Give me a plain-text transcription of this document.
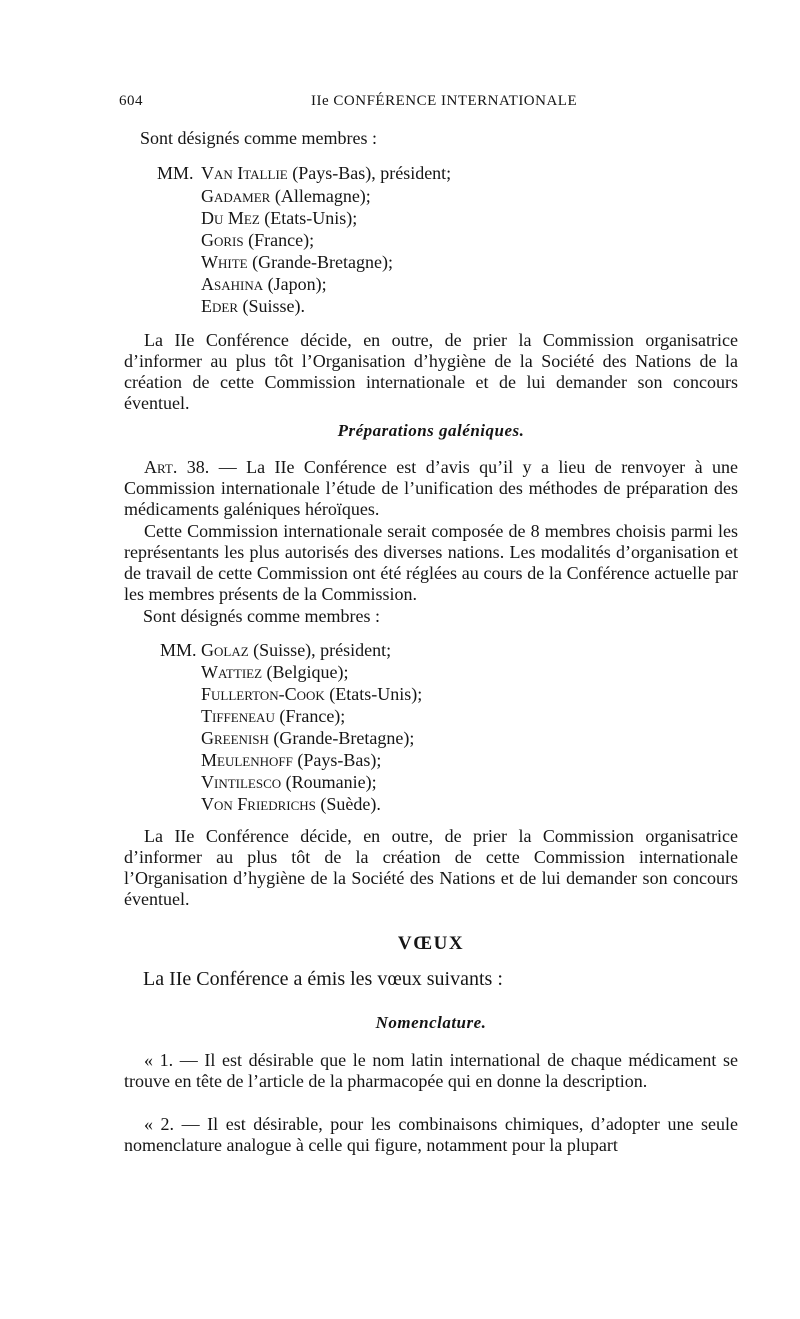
604	IIe CONFÉRENCE INTERNATIONALE
Sont désignés comme membres :
MM. Van Itallie (Pays-Bas), président;
Gadamer (Allemagne);
Du Mez (Etats-Unis);
Goris (France);
White (Grande-Bretagne);
Asahina (Japon);
Eder (Suisse).
La IIe Conférence décide, en outre, de prier la Commission organisatrice d’informer au plus tôt l’Organisation d’hygiène de la Société des Nations de la création de cette Commission internationale et de lui demander son concours éventuel.
Préparations galéniques.
Art. 38. — La IIe Conférence est d’avis qu’il y a lieu de renvoyer à une Commission internationale l’étude de l’unification des méthodes de préparation des médicaments galéniques héroïques.
Cette Commission internationale serait composée de 8 membres choisis parmi les représentants les plus autorisés des diverses nations. Les modalités d’organisation et de travail de cette Commission ont été réglées au cours de la Conférence actuelle par les membres présents de la Commission.
Sont désignés comme membres :
MM. Golaz (Suisse), président;
Wattiez (Belgique);
Fullerton-Cook (Etats-Unis);
Tiffeneau (France);
Greenish (Grande-Bretagne);
Meulenhoff (Pays-Bas);
Vintilesco (Roumanie);
Von Friedrichs (Suède).
La IIe Conférence décide, en outre, de prier la Commission organisatrice d’informer au plus tôt de la création de cette Commission internationale l’Organisation d’hygiène de la Société des Nations et de lui demander son concours éventuel.
VŒUX
La IIe Conférence a émis les vœux suivants :
Nomenclature.
« 1. — Il est désirable que le nom latin international de chaque médicament se trouve en tête de l’article de la pharmacopée qui en donne la description.
« 2. — Il est désirable, pour les combinaisons chimiques, d’adopter une seule nomenclature analogue à celle qui figure, notamment pour la plupart
